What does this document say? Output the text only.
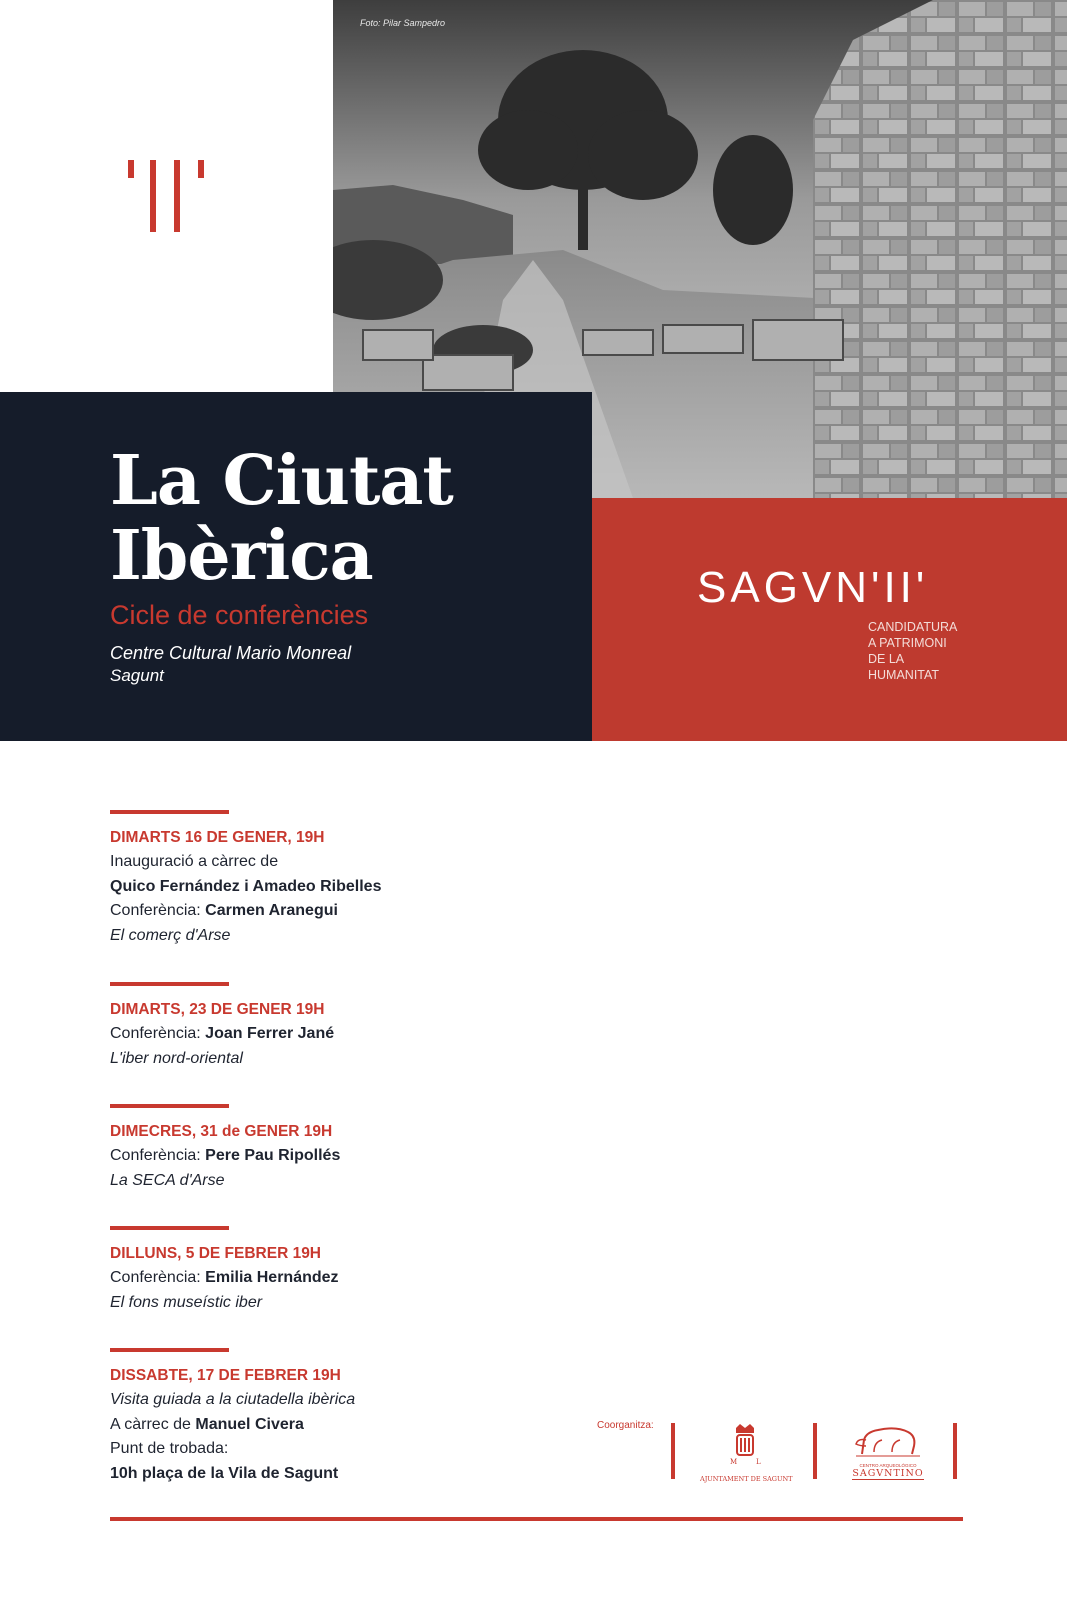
Foto: Pilar Sampedro
La Ciutat
Ibèrica
Cicle de conferències
Centre Cultural Mario Monreal
Sagunt
SAGVN'II'
CANDIDATURA
A PATRIMONI
DE LA
HUMANITAT
DIMARTS 16 DE GENER, 19H
Inauguració a càrrec de
Quico Fernández i Amadeo Ribelles
Conferència: Carmen Aranegui
El comerç d'Arse
DIMARTS, 23 DE GENER 19H
Conferència: Joan Ferrer Jané
L'iber nord-oriental
DIMECRES, 31 de GENER 19H
Conferència: Pere Pau Ripollés
La SECA d'Arse
DILLUNS, 5 DE FEBRER 19H
Conferència: Emilia Hernández
El fons museístic iber
DISSABTE, 17 DE FEBRER 19H
Visita guiada a la ciutadella ibèrica
A càrrec de Manuel Civera
Punt de trobada:
10h plaça de la Vila de Sagunt
Coorganitza:
M	L
AJUNTAMENT DE SAGUNT
CENTRO ARQUEOLÓGICO
SAGVNTINO
